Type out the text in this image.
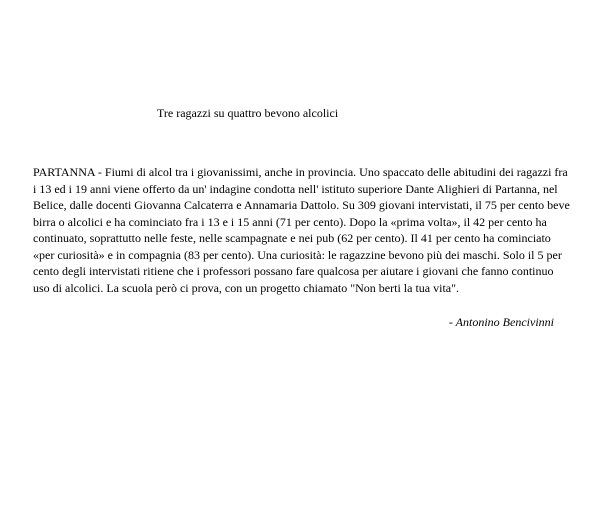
Tre ragazzi su quattro bevono alcolici

PARTANNA - Fiumi di alcol tra i giovanissimi, anche in provincia. Uno spaccato delle abitudini dei ragazzi fra i 13 ed i 19 anni viene offerto da un' indagine condotta nell' istituto superiore Dante Alighieri di Partanna, nel Belice, dalle docenti Giovanna Calcaterra e Annamaria Dattolo. Su 309 giovani intervistati, il 75 per cento beve birra o alcolici e ha cominciato fra i 13 e i 15 anni (71 per cento). Dopo la «prima volta», il 42 per cento ha continuato, soprattutto nelle feste, nelle scampagnate e nei pub (62 per cento). Il 41 per cento ha cominciato «per curiosità» e in compagnia (83 per cento). Una curiosità: le ragazzine bevono più dei maschi. Solo il 5 per cento degli intervistati ritiene che i professori possano fare qualcosa per aiutare i giovani che fanno continuo uso di alcolici. La scuola però ci prova, con un progetto chiamato "Non berti la tua vita".

- Antonino Bencivinni
